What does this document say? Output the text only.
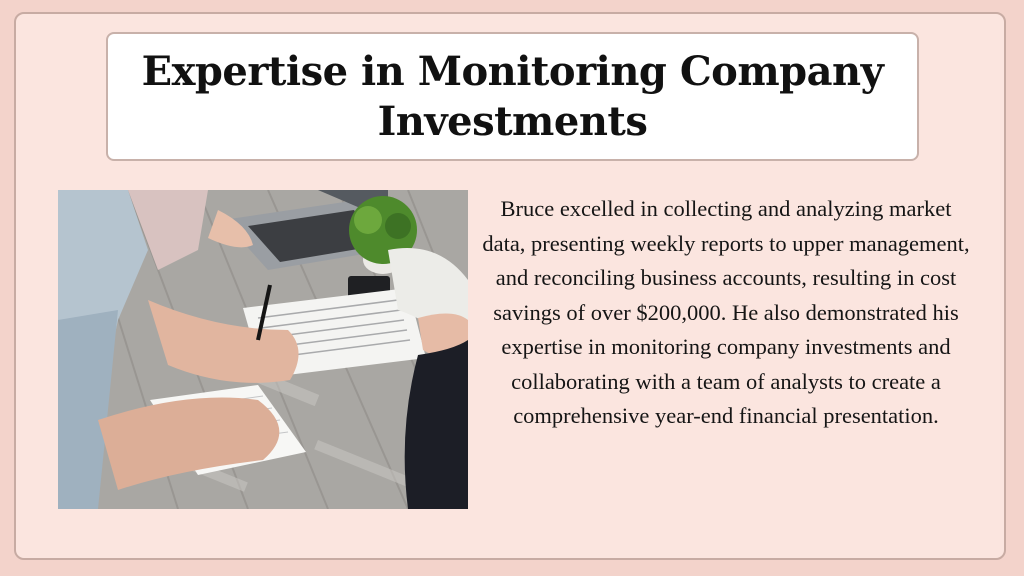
Expertise in Monitoring Company Investments

Bruce excelled in collecting and analyzing market data, presenting weekly reports to upper management, and reconciling business accounts, resulting in cost savings of over $200,000. He also demonstrated his expertise in monitoring company investments and collaborating with a team of analysts to create a comprehensive year-end financial presentation.
